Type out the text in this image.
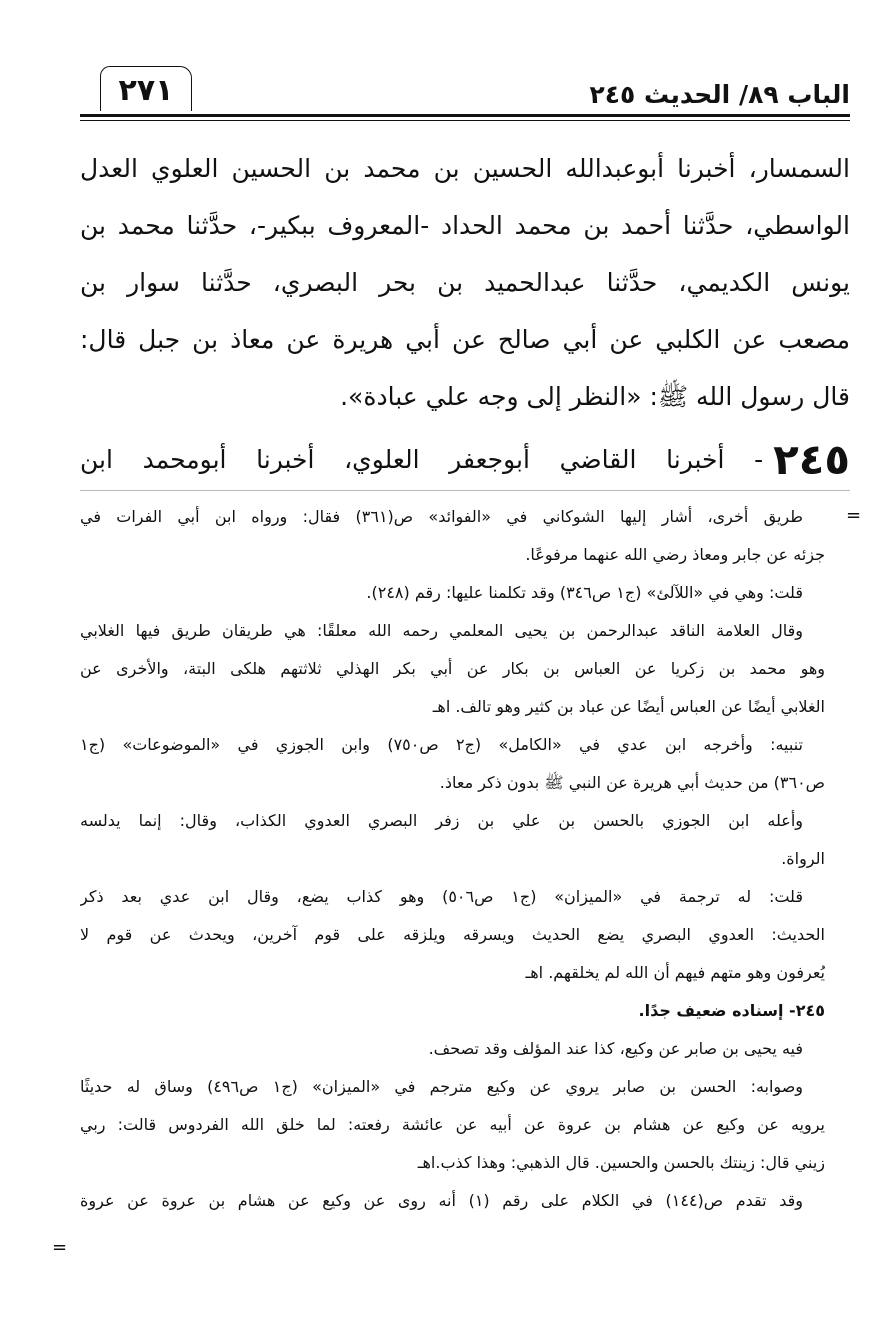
الباب ٨٩/ الحديث ٢٤٥
٢٧١
السمسار، أخبرنا أبوعبدالله الحسين بن محمد بن الحسين العلوي العدل
الواسطي، حدَّثنا أحمد بن محمد الحداد -المعروف ببكير-، حدَّثنا محمد بن
يونس الكديمي، حدَّثنا عبدالحميد بن بحر البصري، حدَّثنا سوار بن
مصعب عن الكلبي عن أبي صالح عن أبي هريرة عن معاذ بن جبل قال:
قال رسول الله ﷺ: «النظر إلى وجه علي عبادة».
٢٤٥
- أخبرنا القاضي أبوجعفر العلوي، أخبرنا أبومحمد ابن
=
=
طريق أخرى، أشار إليها الشوكاني في «الفوائد» ص(٣٦١) فقال: ورواه ابن أبي الفرات في
جزئه عن جابر ومعاذ رضي الله عنهما مرفوعًا.
قلت: وهي في «اللآلئ» (ج١ ص٣٤٦) وقد تكلمنا عليها: رقم (٢٤٨).
وقال العلامة الناقد عبدالرحمن بن يحيى المعلمي رحمه الله معلقًا: هي طريقان طريق فيها الغلابي
وهو محمد بن زكريا عن العباس بن بكار عن أبي بكر الهذلي ثلاثتهم هلكى البتة، والأخرى عن
الغلابي أيضًا عن العباس أيضًا عن عباد بن كثير وهو تالف. اهـ
تنبيه: وأخرجه ابن عدي في «الكامل» (ج٢ ص٧٥٠) وابن الجوزي في «الموضوعات» (ج١
ص٣٦٠) من حديث أبي هريرة عن النبي ﷺ بدون ذكر معاذ.
وأعله ابن الجوزي بالحسن بن علي بن زفر البصري العدوي الكذاب، وقال: إنما يدلسه
الرواة.
قلت: له ترجمة في «الميزان» (ج١ ص٥٠٦) وهو كذاب يضع، وقال ابن عدي بعد ذكر
الحديث: العدوي البصري يضع الحديث ويسرقه ويلزقه على قوم آخرين، ويحدث عن قوم لا
يُعرفون وهو متهم فيهم أن الله لم يخلقهم. اهـ
٢٤٥- إسناده ضعيف جدًا.
فيه يحيى بن صابر عن وكيع، كذا عند المؤلف وقد تصحف.
وصوابه: الحسن بن صابر يروي عن وكيع مترجم في «الميزان» (ج١ ص٤٩٦) وساق له حديثًا
يرويه عن وكيع عن هشام بن عروة عن أبيه عن عائشة رفعته: لما خلق الله الفردوس قالت: ربي
زيني قال: زينتك بالحسن والحسين. قال الذهبي: وهذا كذب.اهـ
وقد تقدم ص(١٤٤) في الكلام على رقم (١) أنه روى عن وكيع عن هشام بن عروة عن عروة
